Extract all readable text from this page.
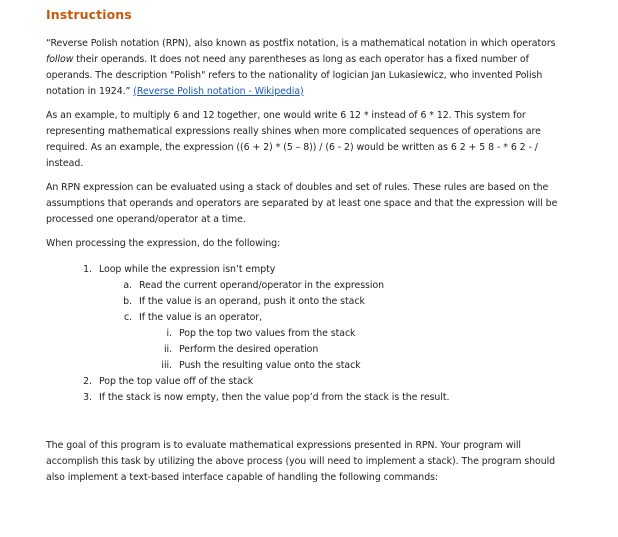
Instructions
“Reverse Polish notation (RPN), also known as postfix notation, is a mathematical notation in which operators follow their operands. It does not need any parentheses as long as each operator has a fixed number of operands. The description "Polish" refers to the nationality of logician Jan Lukasiewicz, who invented Polish notation in 1924.” (Reverse Polish notation - Wikipedia)
As an example, to multiply 6 and 12 together, one would write 6 12 * instead of 6 * 12. This system for representing mathematical expressions really shines when more complicated sequences of operations are required. As an example, the expression ((6 + 2) * (5 – 8)) / (6 - 2) would be written as 6 2 + 5 8 - * 6 2 - / instead.
An RPN expression can be evaluated using a stack of doubles and set of rules. These rules are based on the assumptions that operands and operators are separated by at least one space and that the expression will be processed one operand/operator at a time.
When processing the expression, do the following:
1. Loop while the expression isn’t empty
a. Read the current operand/operator in the expression
b. If the value is an operand, push it onto the stack
c. If the value is an operator,
i. Pop the top two values from the stack
ii. Perform the desired operation
iii. Push the resulting value onto the stack
2. Pop the top value off of the stack
3. If the stack is now empty, then the value pop’d from the stack is the result.
The goal of this program is to evaluate mathematical expressions presented in RPN. Your program will accomplish this task by utilizing the above process (you will need to implement a stack). The program should also implement a text-based interface capable of handling the following commands:
